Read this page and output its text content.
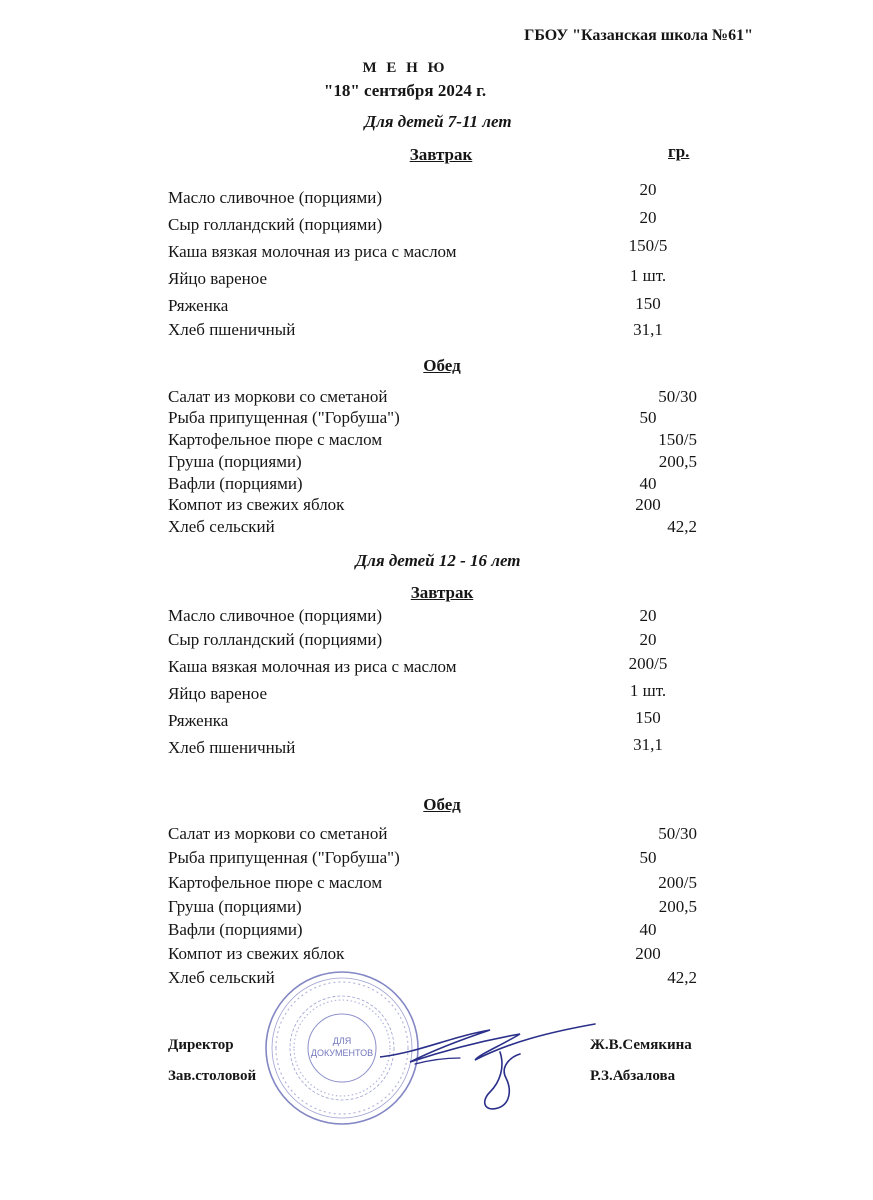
ГБОУ "Казанская школа №61"
М Е Н Ю
"18" сентября 2024 г.
Для детей 7-11 лет
Завтрак	гр.
Масло сливочное (порциями)	20
Сыр голландский (порциями)	20
Каша вязкая молочная из риса с маслом	150/5
Яйцо вареное	1 шт.
Ряженка	150
Хлеб пшеничный	31,1
Обед
Салат из моркови со сметаной	50/30
Рыба припущенная ("Горбуша")	50
Картофельное пюре с маслом	150/5
Груша (порциями)	200,5
Вафли (порциями)	40
Компот из свежих яблок	200
Хлеб сельский	42,2
Для детей 12 - 16 лет
Завтрак
Масло сливочное (порциями)	20
Сыр голландский (порциями)	20
Каша вязкая молочная из риса с маслом	200/5
Яйцо вареное	1 шт.
Ряженка	150
Хлеб пшеничный	31,1
Обед
Салат из моркови со сметаной	50/30
Рыба припущенная ("Горбуша")	50
Картофельное пюре с маслом	200/5
Груша (порциями)	200,5
Вафли (порциями)	40
Компот из свежих яблок	200
Хлеб сельский	42,2
Директор	Ж.В.Семякина
Зав.столовой	Р.З.Абзалова
ДЛЯ
ДОКУМЕНТОВ
